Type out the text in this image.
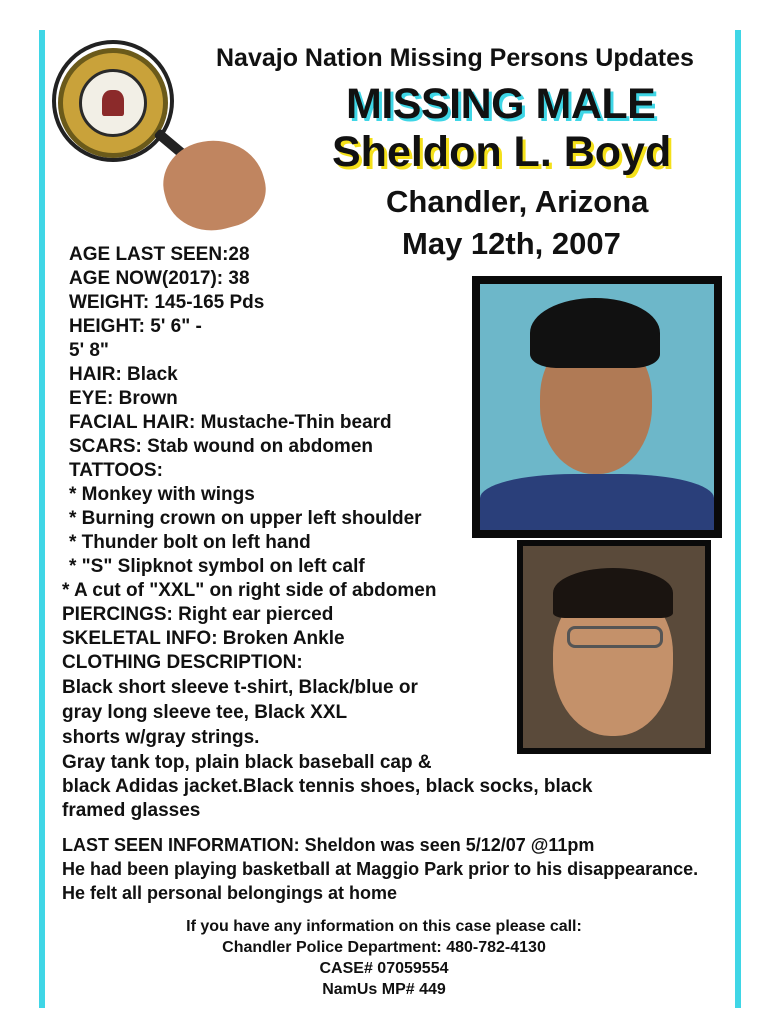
Navajo Nation Missing Persons Updates
MISSING MALE
Sheldon L. Boyd
Chandler, Arizona
May 12th, 2007
AGE LAST SEEN:28
AGE NOW(2017): 38
WEIGHT: 145-165 Pds
HEIGHT: 5' 6" -
5' 8"
HAIR: Black
EYE: Brown
FACIAL HAIR: Mustache-Thin beard
SCARS: Stab wound on abdomen
TATTOOS:
* Monkey with wings
* Burning crown on upper left shoulder
* Thunder bolt on left hand
* "S" Slipknot symbol on left calf
* A cut of "XXL" on right side of abdomen
PIERCINGS: Right ear pierced
SKELETAL INFO: Broken Ankle
CLOTHING DESCRIPTION:
Black short sleeve t-shirt, Black/blue or
gray long sleeve tee, Black XXL
shorts w/gray strings.
Gray tank top, plain black baseball cap &
black Adidas jacket.Black tennis shoes, black socks, black
framed glasses
LAST SEEN INFORMATION: Sheldon was seen 5/12/07 @11pm
He had been playing basketball at Maggio Park prior to his disappearance.
He felt all personal belongings at home
If you have any information on this case please call:
Chandler Police Department: 480-782-4130
CASE# 07059554
NamUs MP# 449
